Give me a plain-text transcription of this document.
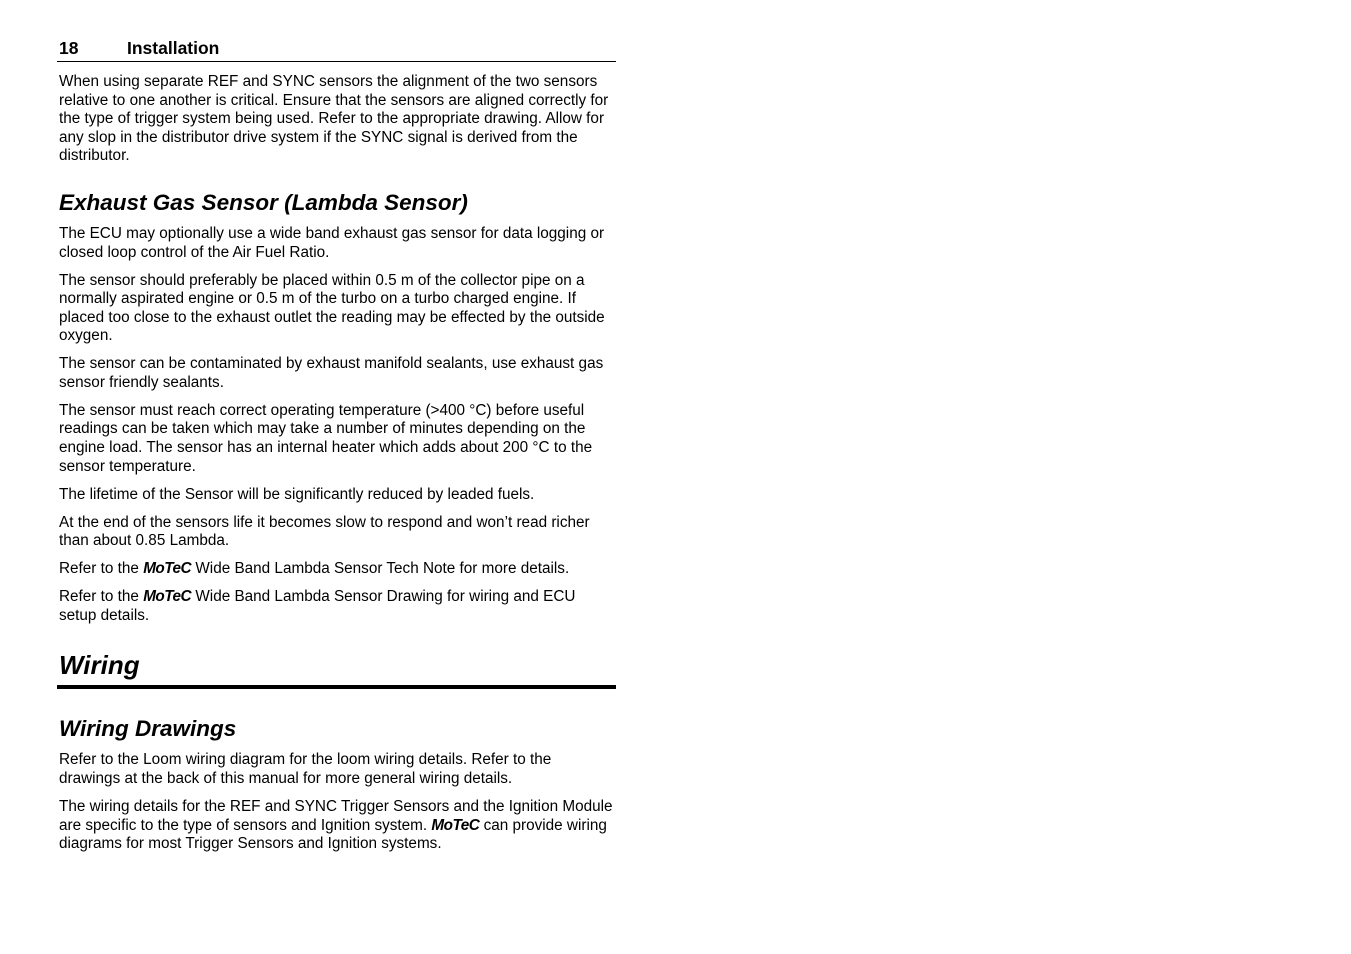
18	Installation

When using separate REF and SYNC sensors the alignment of the two sensors relative to one another is critical. Ensure that the sensors are aligned correctly for the type of trigger system being used. Refer to the appropriate drawing. Allow for any slop in the distributor drive system if the SYNC signal is derived from the distributor.

Exhaust Gas Sensor (Lambda Sensor)

The ECU may optionally use a wide band exhaust gas sensor for data logging or closed loop control of the Air Fuel Ratio.

The sensor should preferably be placed within 0.5 m of the collector pipe on a normally aspirated engine or 0.5 m of the turbo on a turbo charged engine. If placed too close to the exhaust outlet the reading may be effected by the outside oxygen.

The sensor can be contaminated by exhaust manifold sealants, use exhaust gas sensor friendly sealants.

The sensor must reach correct operating temperature (>400 °C) before useful readings can be taken which may take a number of minutes depending on the engine load. The sensor has an internal heater which adds about 200 °C to the sensor temperature.

The lifetime of the Sensor will be significantly reduced by leaded fuels.

At the end of the sensors life it becomes slow to respond and won’t read richer than about 0.85 Lambda.

Refer to the MoTeC Wide Band Lambda Sensor Tech Note for more details.

Refer to the MoTeC Wide Band Lambda Sensor Drawing for wiring and ECU setup details.

Wiring
Wiring Drawings

Refer to the Loom wiring diagram for the loom wiring details. Refer to the drawings at the back of this manual for more general wiring details.

The wiring details for the REF and SYNC Trigger Sensors and the Ignition Module are specific to the type of sensors and Ignition system. MoTeC can provide wiring diagrams for most Trigger Sensors and Ignition systems.
